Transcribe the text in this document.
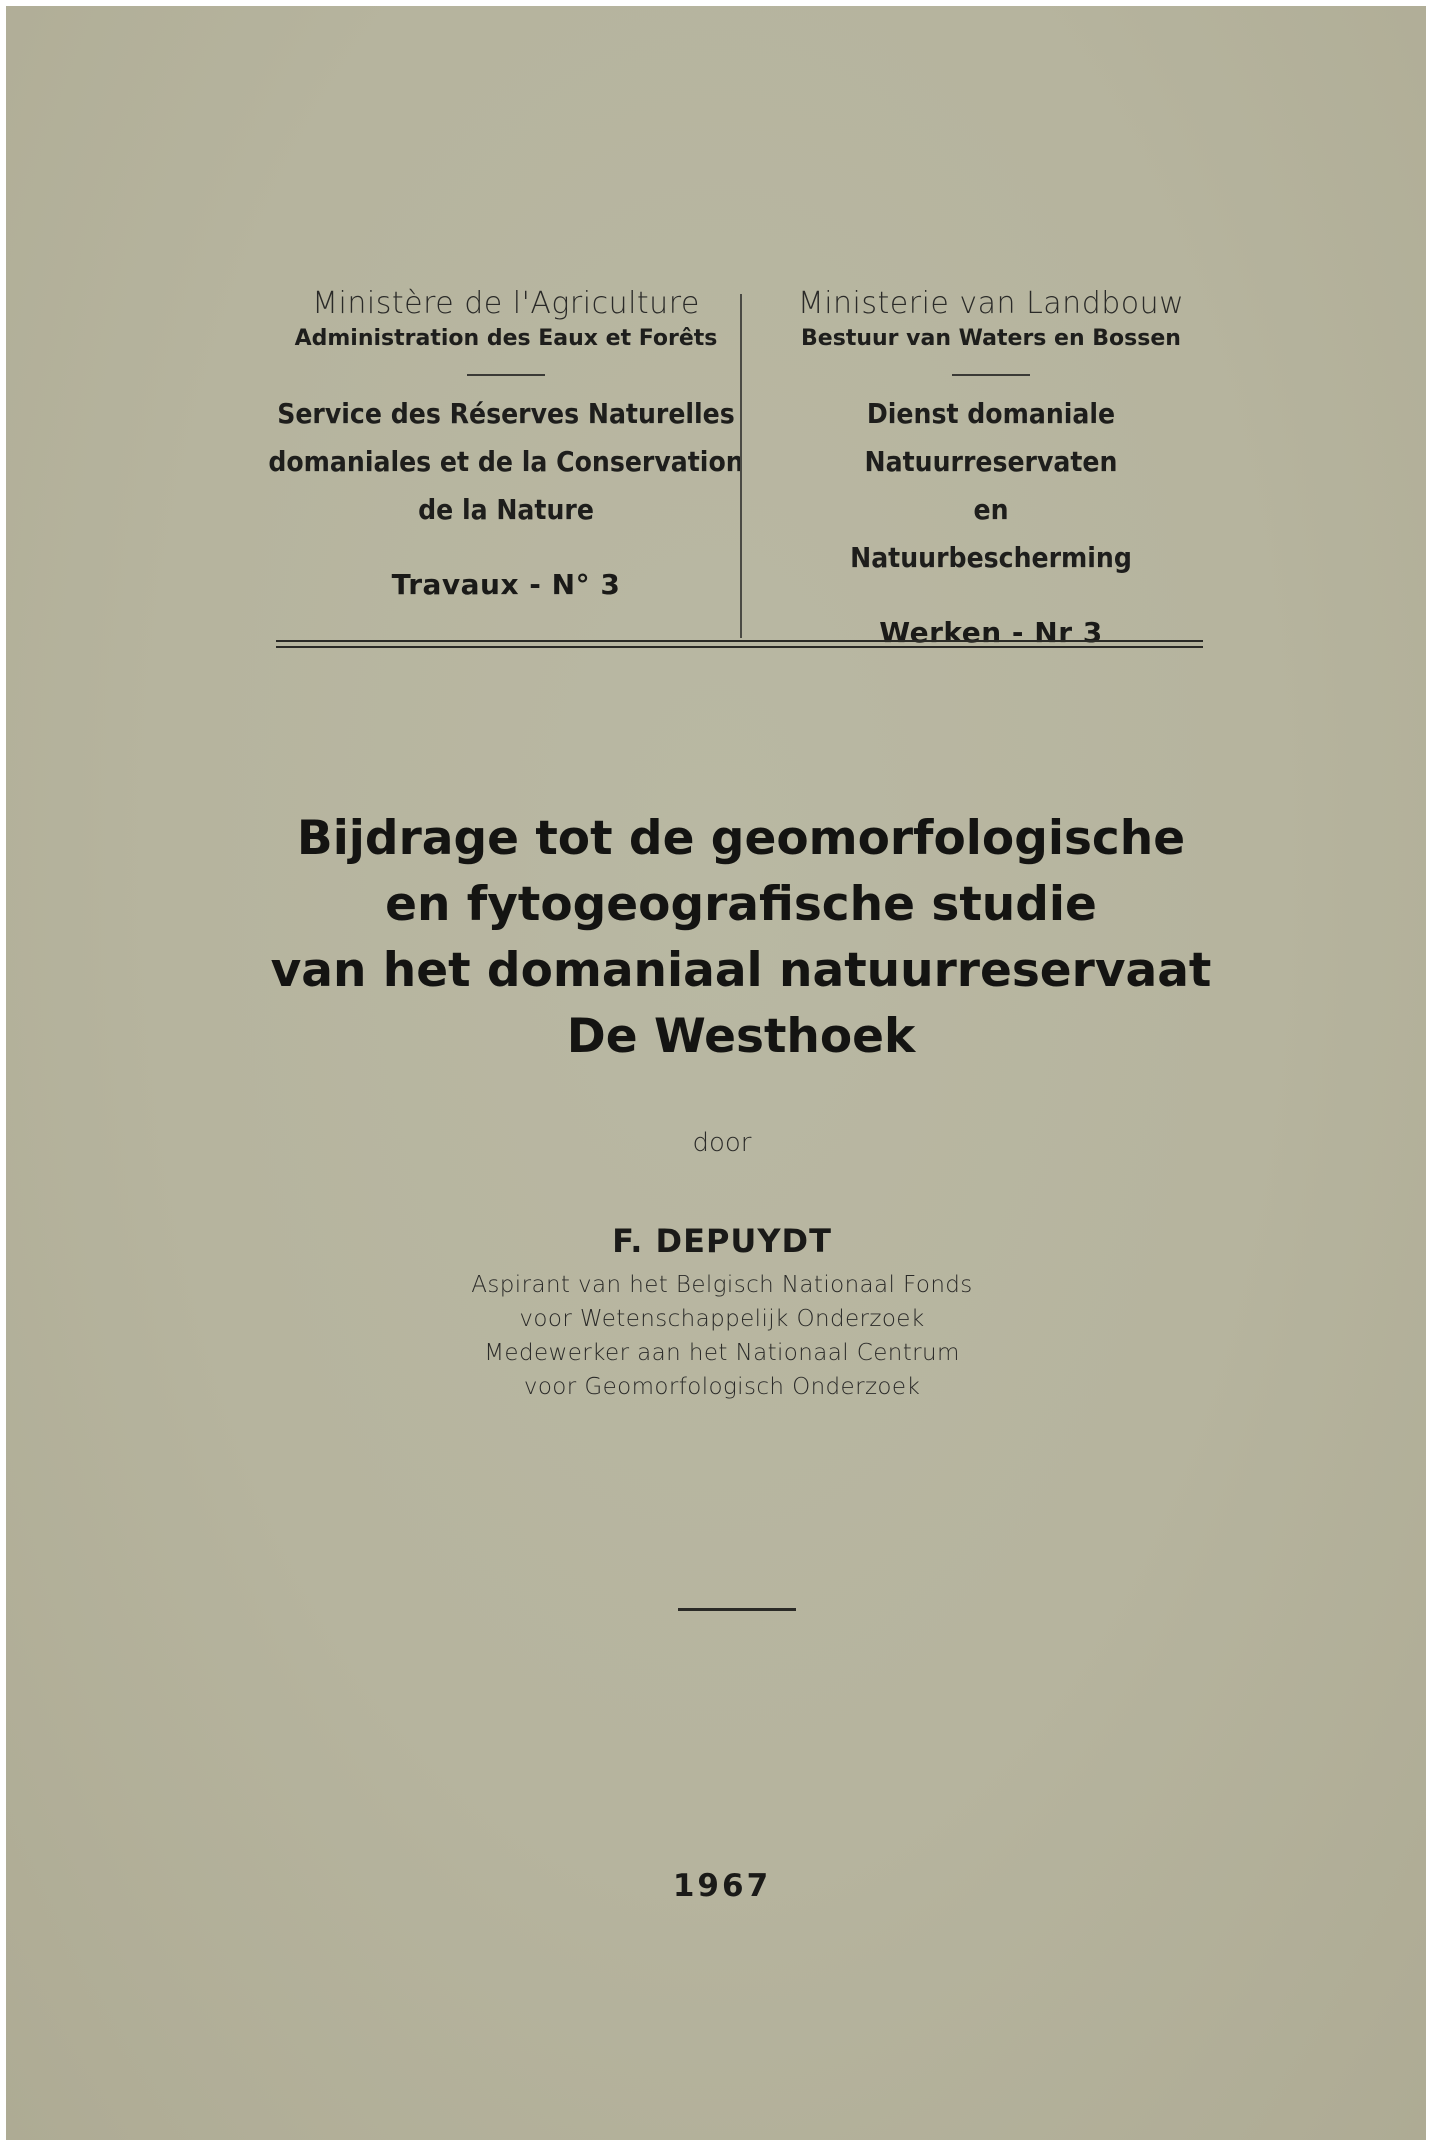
Ministère de l'Agriculture
Administration des Eaux et Forêts
Service des Réserves Naturelles
domaniales et de la Conservation
de la Nature
Travaux - N° 3
Ministerie van Landbouw
Bestuur van Waters en Bossen
Dienst domaniale Natuurreservaten
en
Natuurbescherming
Werken - Nr 3
Bijdrage tot de geomorfologische
en fytogeografische studie
van het domaniaal natuurreservaat
De Westhoek
door
F. DEPUYDT
Aspirant van het Belgisch Nationaal Fonds
voor Wetenschappelijk Onderzoek
Medewerker aan het Nationaal Centrum
voor Geomorfologisch Onderzoek
1967
